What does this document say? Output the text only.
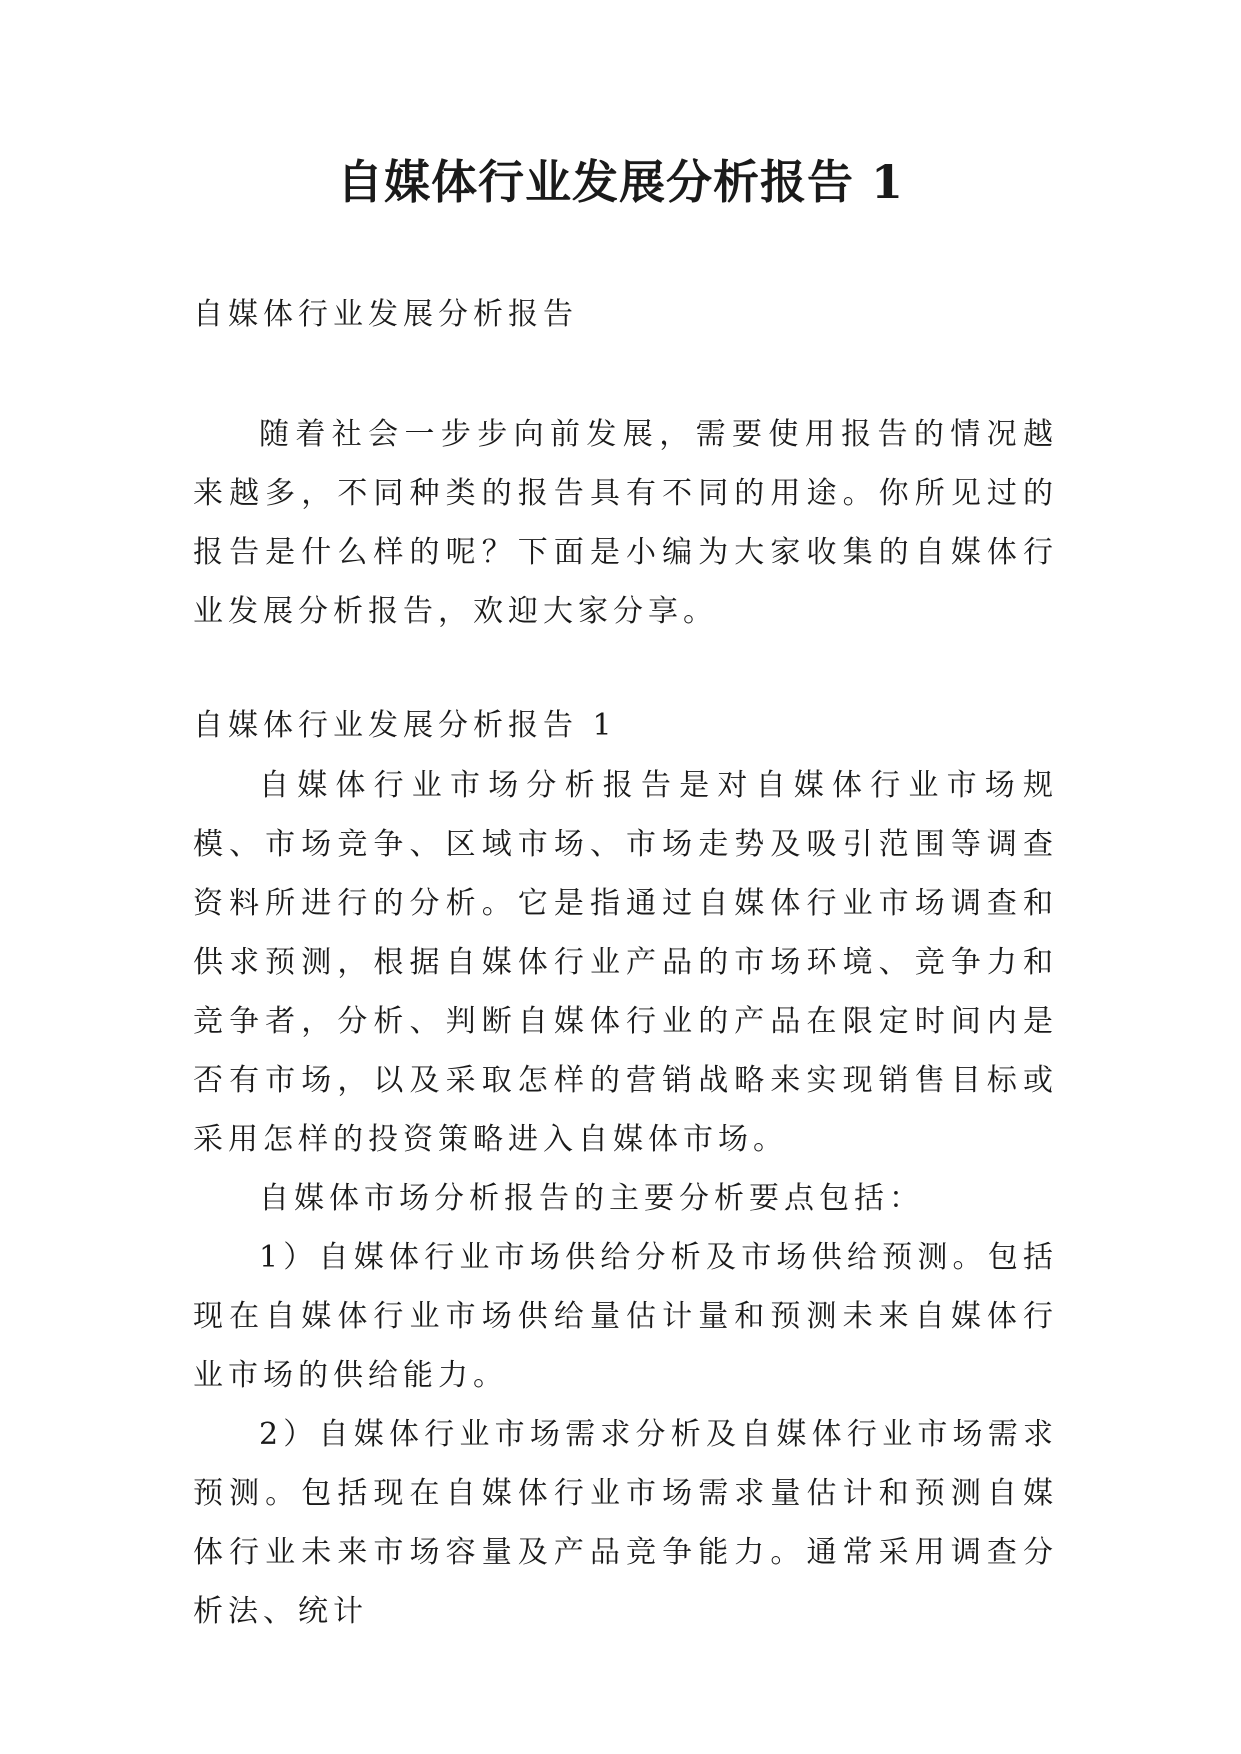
自媒体行业发展分析报告 1

自媒体行业发展分析报告

随着社会一步步向前发展，需要使用报告的情况越来越多，不同种类的报告具有不同的用途。你所见过的报告是什么样的呢？下面是小编为大家收集的自媒体行业发展分析报告，欢迎大家分享。

自媒体行业发展分析报告 1

自媒体行业市场分析报告是对自媒体行业市场规模、市场竞争、区域市场、市场走势及吸引范围等调查资料所进行的分析。它是指通过自媒体行业市场调查和供求预测，根据自媒体行业产品的市场环境、竞争力和竞争者，分析、判断自媒体行业的产品在限定时间内是否有市场，以及采取怎样的营销战略来实现销售目标或采用怎样的投资策略进入自媒体市场。

自媒体市场分析报告的主要分析要点包括：

1）自媒体行业市场供给分析及市场供给预测。包括现在自媒体行业市场供给量估计量和预测未来自媒体行业市场的供给能力。

2）自媒体行业市场需求分析及自媒体行业市场需求预测。包括现在自媒体行业市场需求量估计和预测自媒体行业未来市场容量及产品竞争能力。通常采用调查分析法、统计
